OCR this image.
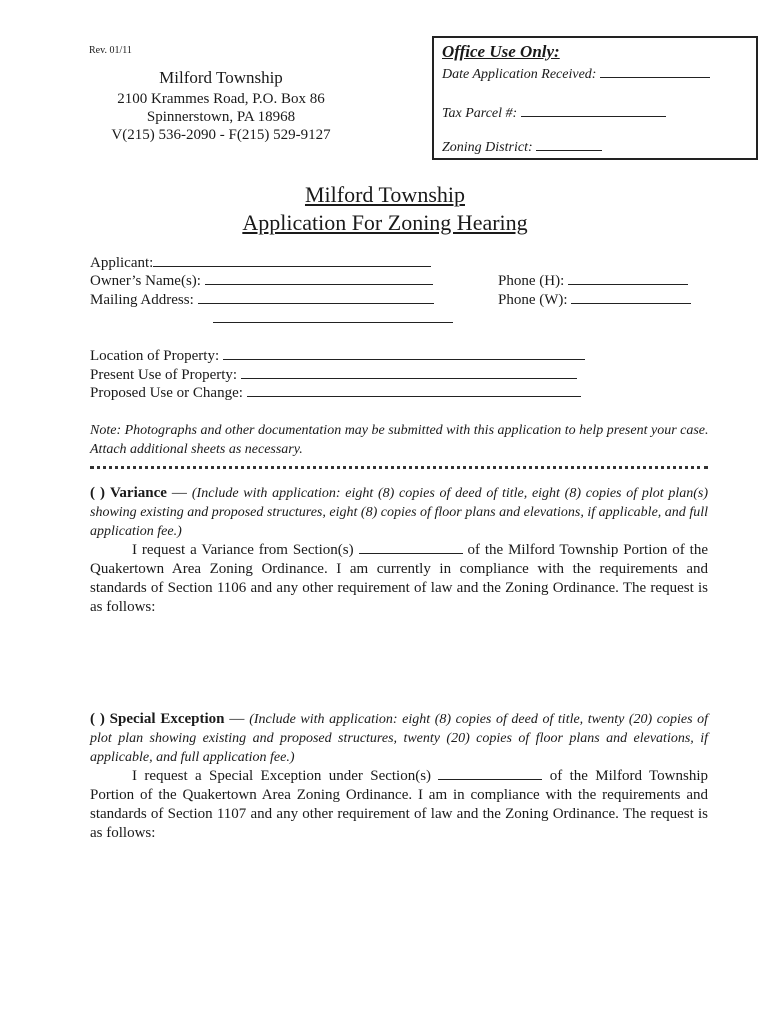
Rev. 01/11
Milford Township
2100 Krammes Road, P.O. Box 86
Spinnerstown, PA 18968
V(215) 536-2090 - F(215) 529-9127
Office Use Only:
Date Application Received:
Tax Parcel #:
Zoning District:
Milford Township
Application For Zoning Hearing
Applicant:
Owner’s Name(s):
Mailing Address:
Phone (H):
Phone (W):
Location of Property:
Present Use of Property:
Proposed Use or Change:
Note: Photographs and other documentation may be submitted with this application to help present your case. Attach additional sheets as necessary.
( ) Variance — (Include with application: eight (8) copies of deed of title, eight (8) copies of plot plan(s) showing existing and proposed structures, eight (8) copies of floor plans and elevations, if applicable, and full application fee.)
I request a Variance from Section(s)	of the Milford Township Portion of the Quakertown Area Zoning Ordinance. I am currently in compliance with the requirements and standards of Section 1106 and any other requirement of law and the Zoning Ordinance. The request is as follows:
( ) Special Exception — (Include with application: eight (8) copies of deed of title, twenty (20) copies of plot plan showing existing and proposed structures, twenty (20) copies of floor plans and elevations, if applicable, and full application fee.)
I request a Special Exception under Section(s)	of the Milford Township Portion of the Quakertown Area Zoning Ordinance. I am in compliance with the requirements and standards of Section 1107 and any other requirement of law and the Zoning Ordinance. The request is as follows:
